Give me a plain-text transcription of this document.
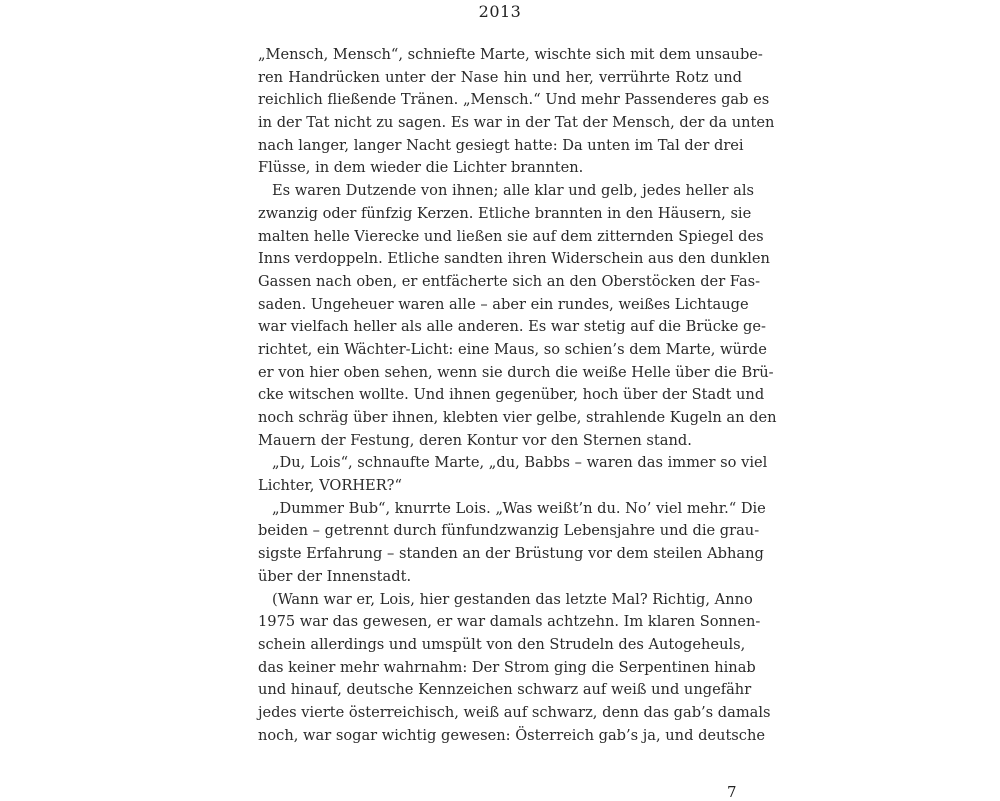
2013
„Mensch, Mensch“, schniefte Marte, wischte sich mit dem unsaube-
ren Handrücken unter der Nase hin und her, verrührte Rotz und
reichlich fließende Tränen. „Mensch.“ Und mehr Passenderes gab es
in der Tat nicht zu sagen. Es war in der Tat der Mensch, der da unten
nach langer, langer Nacht gesiegt hatte: Da unten im Tal der drei
Flüsse, in dem wieder die Lichter brannten.
Es waren Dutzende von ihnen; alle klar und gelb, jedes heller als
zwanzig oder fünfzig Kerzen. Etliche brannten in den Häusern, sie
malten helle Vierecke und ließen sie auf dem zitternden Spiegel des
Inns verdoppeln. Etliche sandten ihren Widerschein aus den dunklen
Gassen nach oben, er entfächerte sich an den Oberstöcken der Fas-
saden. Ungeheuer waren alle – aber ein rundes, weißes Lichtauge
war vielfach heller als alle anderen. Es war stetig auf die Brücke ge-
richtet, ein Wächter-Licht: eine Maus, so schien’s dem Marte, würde
er von hier oben sehen, wenn sie durch die weiße Helle über die Brü-
cke witschen wollte. Und ihnen gegenüber, hoch über der Stadt und
noch schräg über ihnen, klebten vier gelbe, strahlende Kugeln an den
Mauern der Festung, deren Kontur vor den Sternen stand.
„Du, Lois“, schnaufte Marte, „du, Babbs – waren das immer so viel
Lichter, VORHER?“
„Dummer Bub“, knurrte Lois. „Was weißt’n du. No’ viel mehr.“ Die
beiden – getrennt durch fünfundzwanzig Lebensjahre und die grau-
sigste Erfahrung – standen an der Brüstung vor dem steilen Abhang
über der Innenstadt.
(Wann war er, Lois, hier gestanden das letzte Mal? Richtig, Anno
1975 war das gewesen, er war damals achtzehn. Im klaren Sonnen-
schein allerdings und umspült von den Strudeln des Autogeheuls,
das keiner mehr wahrnahm: Der Strom ging die Serpentinen hinab
und hinauf, deutsche Kennzeichen schwarz auf weiß und ungefähr
jedes vierte österreichisch, weiß auf schwarz, denn das gab’s damals
noch, war sogar wichtig gewesen: Österreich gab’s ja, und deutsche
7
